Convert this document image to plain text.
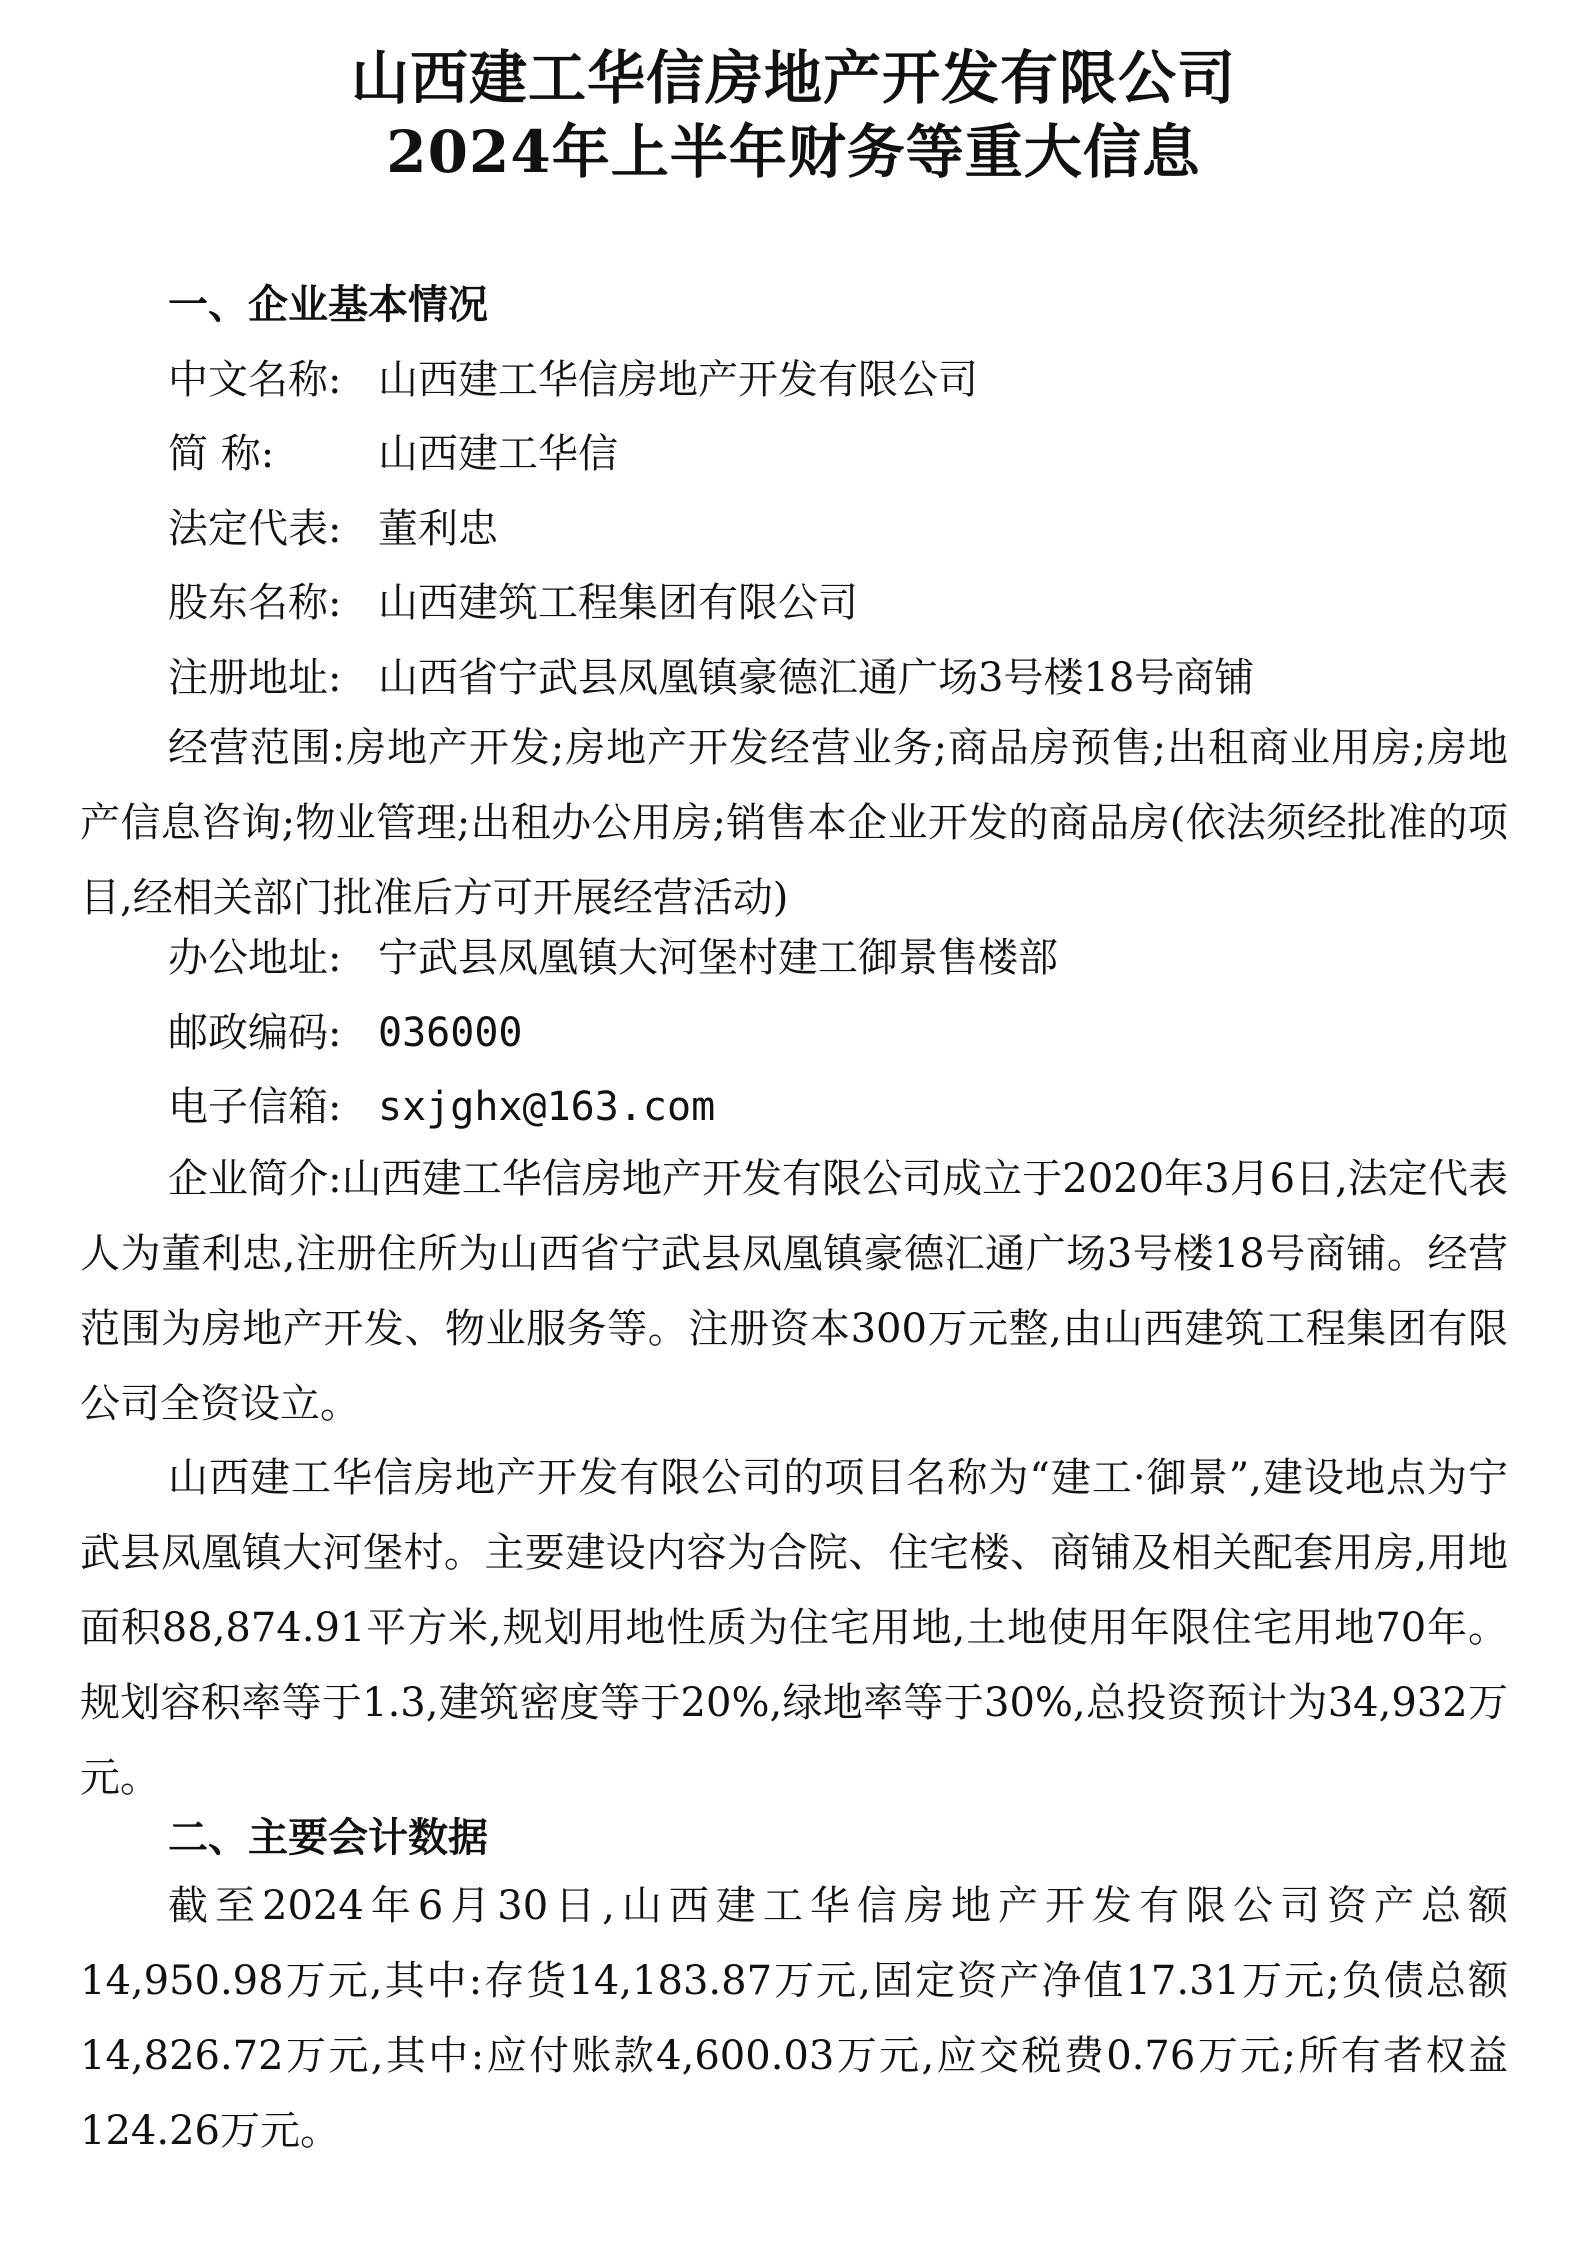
山西建工华信房地产开发有限公司
2024年上半年财务等重大信息
一、企业基本情况
中文名称: 山西建工华信房地产开发有限公司
简 称:	山西建工华信
法定代表: 董利忠
股东名称: 山西建筑工程集团有限公司
注册地址: 山西省宁武县凤凰镇豪德汇通广场3号楼18号商铺
经营范围:房地产开发;房地产开发经营业务;商品房预售;出租商业用房;房地产信息咨询;物业管理;出租办公用房;销售本企业开发的商品房(依法须经批准的项目,经相关部门批准后方可开展经营活动)
办公地址: 宁武县凤凰镇大河堡村建工御景售楼部
邮政编码: 036000
电子信箱: sxjghx@163.com
企业简介:山西建工华信房地产开发有限公司成立于2020年3月6日,法定代表人为董利忠,注册住所为山西省宁武县凤凰镇豪德汇通广场3号楼18号商铺。经营范围为房地产开发、物业服务等。注册资本300万元整,由山西建筑工程集团有限公司全资设立。
山西建工华信房地产开发有限公司的项目名称为“建工·御景”,建设地点为宁武县凤凰镇大河堡村。主要建设内容为合院、住宅楼、商铺及相关配套用房,用地面积88,874.91平方米,规划用地性质为住宅用地,土地使用年限住宅用地70年。规划容积率等于1.3,建筑密度等于20%,绿地率等于30%,总投资预计为34,932万元。
二、主要会计数据
截至2024年6月30日,山西建工华信房地产开发有限公司资产总额14,950.98万元,其中:存货14,183.87万元,固定资产净值17.31万元;负债总额14,826.72万元,其中:应付账款4,600.03万元,应交税费0.76万元;所有者权益124.26万元。
